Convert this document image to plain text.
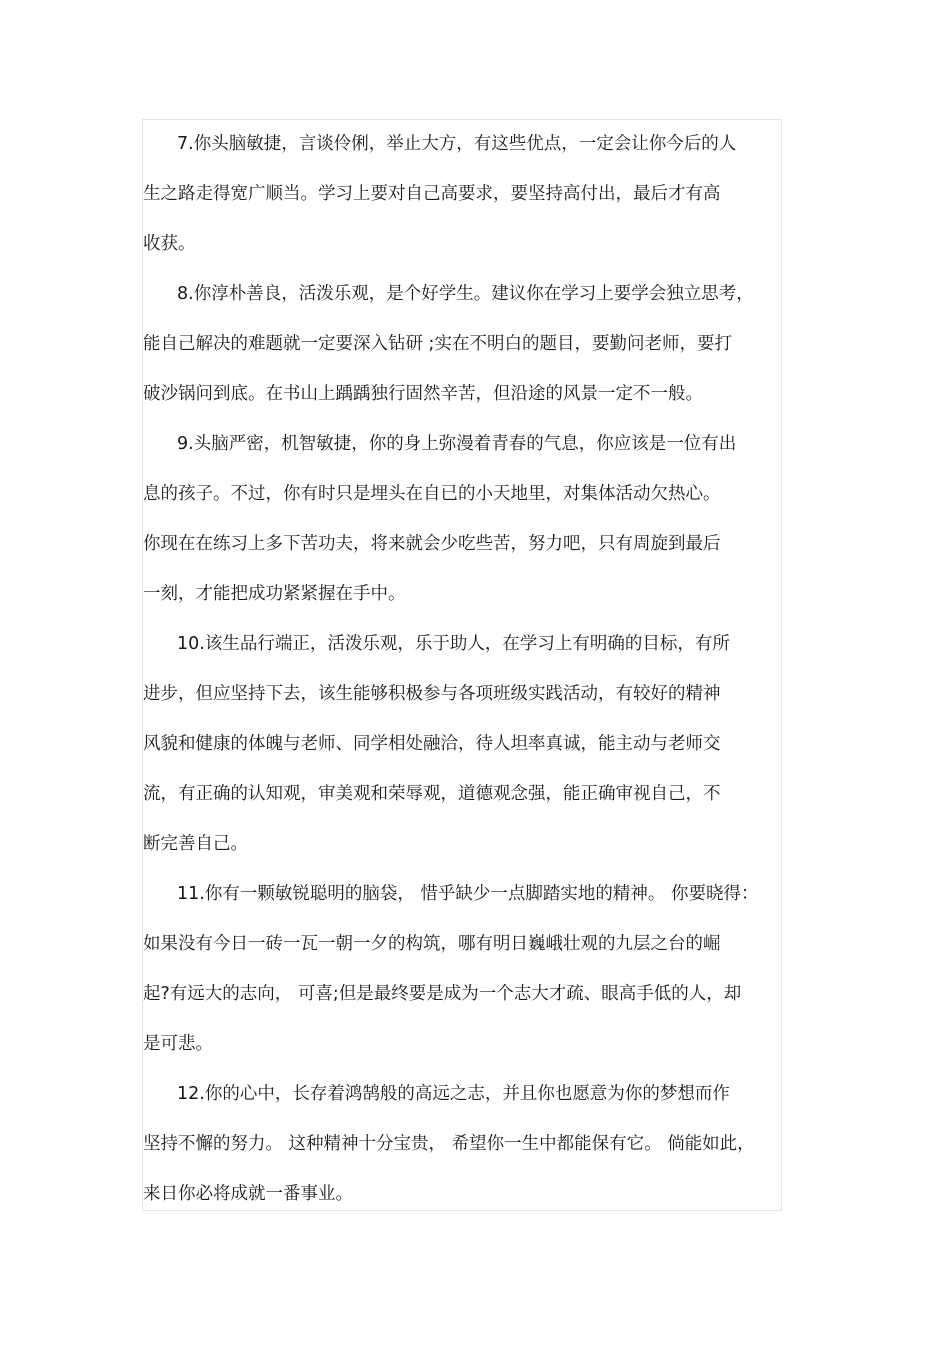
7.你头脑敏捷，言谈伶俐，举止大方，有这些优点，一定会让你今后的人
生之路走得宽广顺当。学习上要对自己高要求，要坚持高付出，最后才有高
收获。
8.你淳朴善良，活泼乐观，是个好学生。建议你在学习上要学会独立思考，
能自己解决的难题就一定要深入钻研 ;实在不明白的题目，要勤问老师，要打
破沙锅问到底。在书山上踽踽独行固然辛苦，但沿途的风景一定不一般。
9.头脑严密，机智敏捷，你的身上弥漫着青春的气息，你应该是一位有出
息的孩子。不过，你有时只是埋头在自已的小天地里，对集体活动欠热心。
你现在在练习上多下苦功夫，将来就会少吃些苦，努力吧，只有周旋到最后
一刻，才能把成功紧紧握在手中。
10.该生品行端正，活泼乐观，乐于助人，在学习上有明确的目标，有所
进步，但应坚持下去，该生能够积极参与各项班级实践活动，有较好的精神
风貌和健康的体魄与老师、同学相处融洽，待人坦率真诚，能主动与老师交
流，有正确的认知观，审美观和荣辱观，道德观念强，能正确审视自己，不
断完善自己。
11.你有一颗敏锐聪明的脑袋， 惜乎缺少一点脚踏实地的精神。 你要晓得：
如果没有今日一砖一瓦一朝一夕的构筑，哪有明日巍峨壮观的九层之台的崛
起?有远大的志向， 可喜;但是最终要是成为一个志大才疏、眼高手低的人，却
是可悲。
12.你的心中，长存着鸿鹄般的高远之志，并且你也愿意为你的梦想而作
坚持不懈的努力。 这种精神十分宝贵， 希望你一生中都能保有它。 倘能如此，
来日你必将成就一番事业。
